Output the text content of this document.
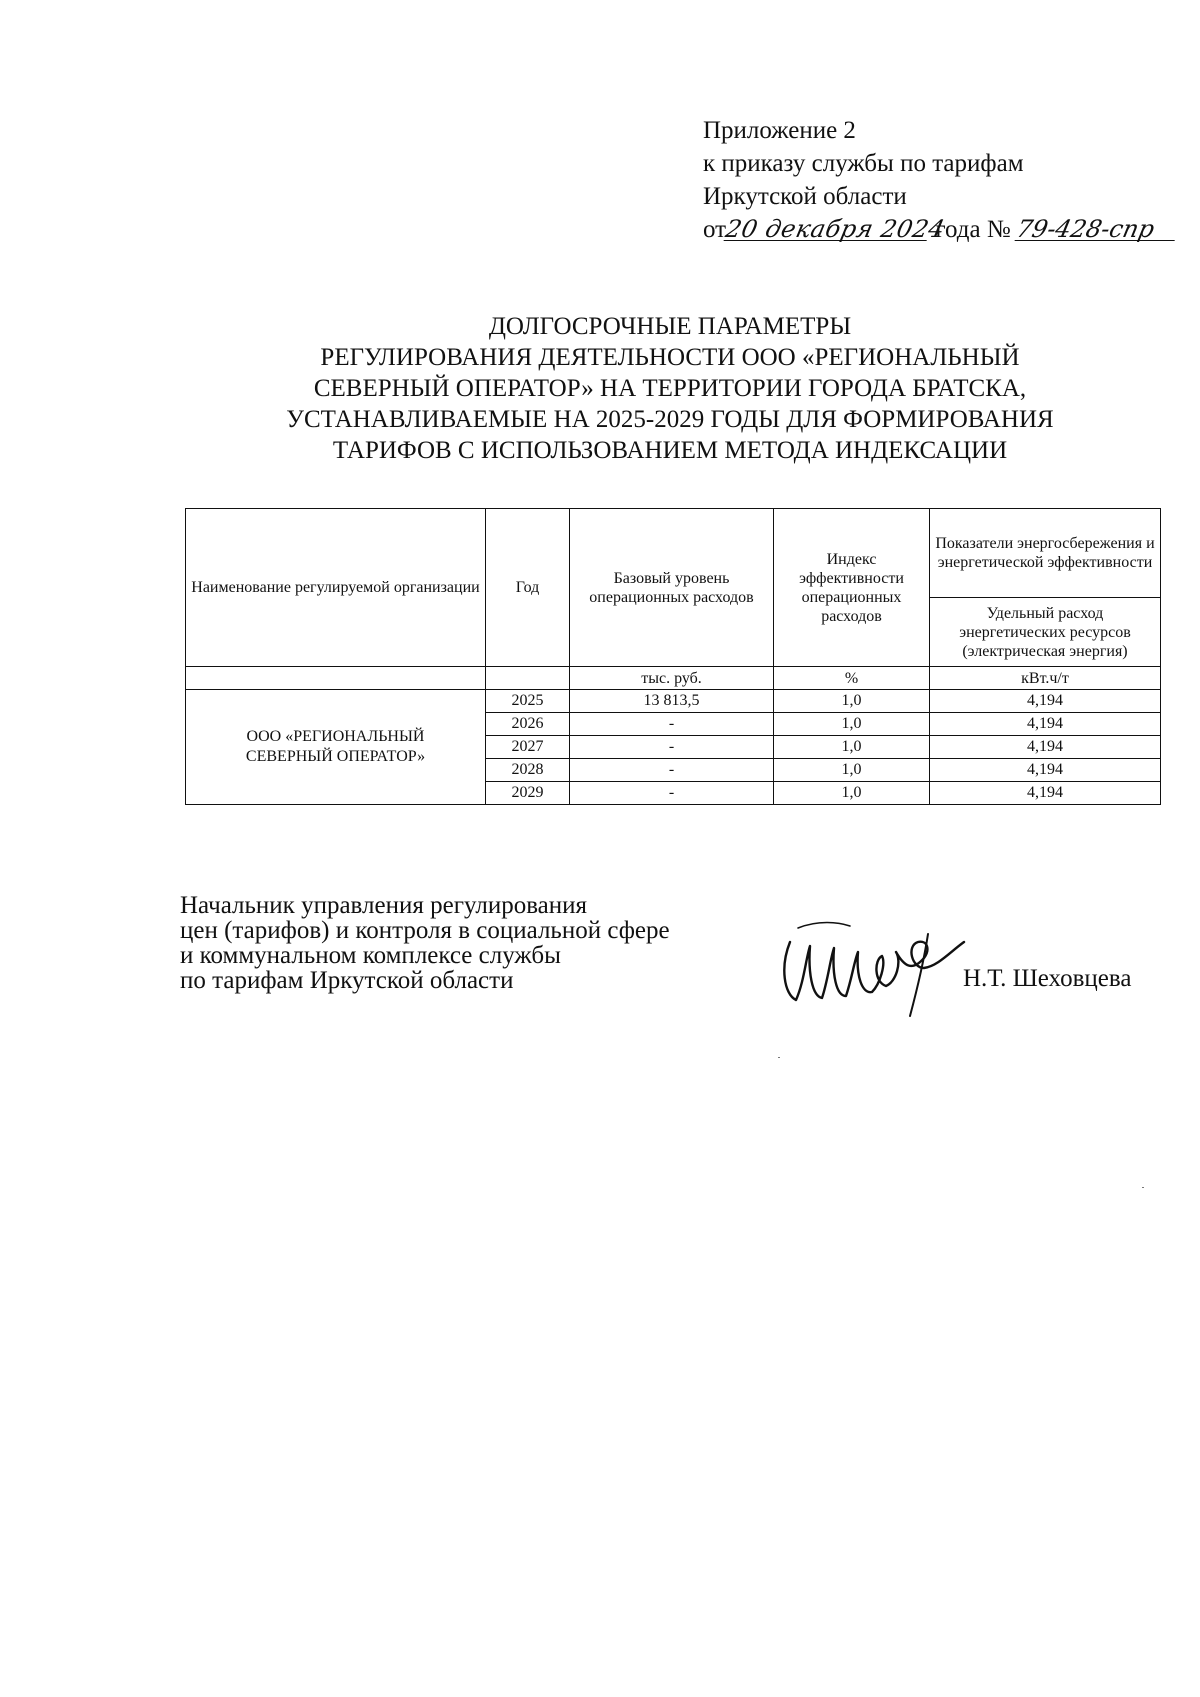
Приложение 2
к приказу службы по тарифам
Иркутской области
от20 декабря 2024 года № 79-428-спр
ДОЛГОСРОЧНЫЕ ПАРАМЕТРЫ
РЕГУЛИРОВАНИЯ ДЕЯТЕЛЬНОСТИ ООО «РЕГИОНАЛЬНЫЙ
СЕВЕРНЫЙ ОПЕРАТОР» НА ТЕРРИТОРИИ ГОРОДА БРАТСКА,
УСТАНАВЛИВАЕМЫЕ НА 2025-2029 ГОДЫ ДЛЯ ФОРМИРОВАНИЯ
ТАРИФОВ С ИСПОЛЬЗОВАНИЕМ МЕТОДА ИНДЕКСАЦИИ
Наименование регулируемой организации	Год	Базовый уровень операционных расходов	Индекс эффективности операционных расходов	Показатели энергосбережения и энергетической эффективности
				Удельный расход энергетических ресурсов (электрическая энергия)
		тыс. руб.	%	кВт.ч/т
ООО «РЕГИОНАЛЬНЫЙ СЕВЕРНЫЙ ОПЕРАТОР»	2025	13 813,5	1,0	4,194
	2026	-	1,0	4,194
	2027	-	1,0	4,194
	2028	-	1,0	4,194
	2029	-	1,0	4,194
Начальник управления регулирования
цен (тарифов) и контроля в социальной сфере
и коммунальном комплексе службы
по тарифам Иркутской области	Н.Т. Шеховцева
